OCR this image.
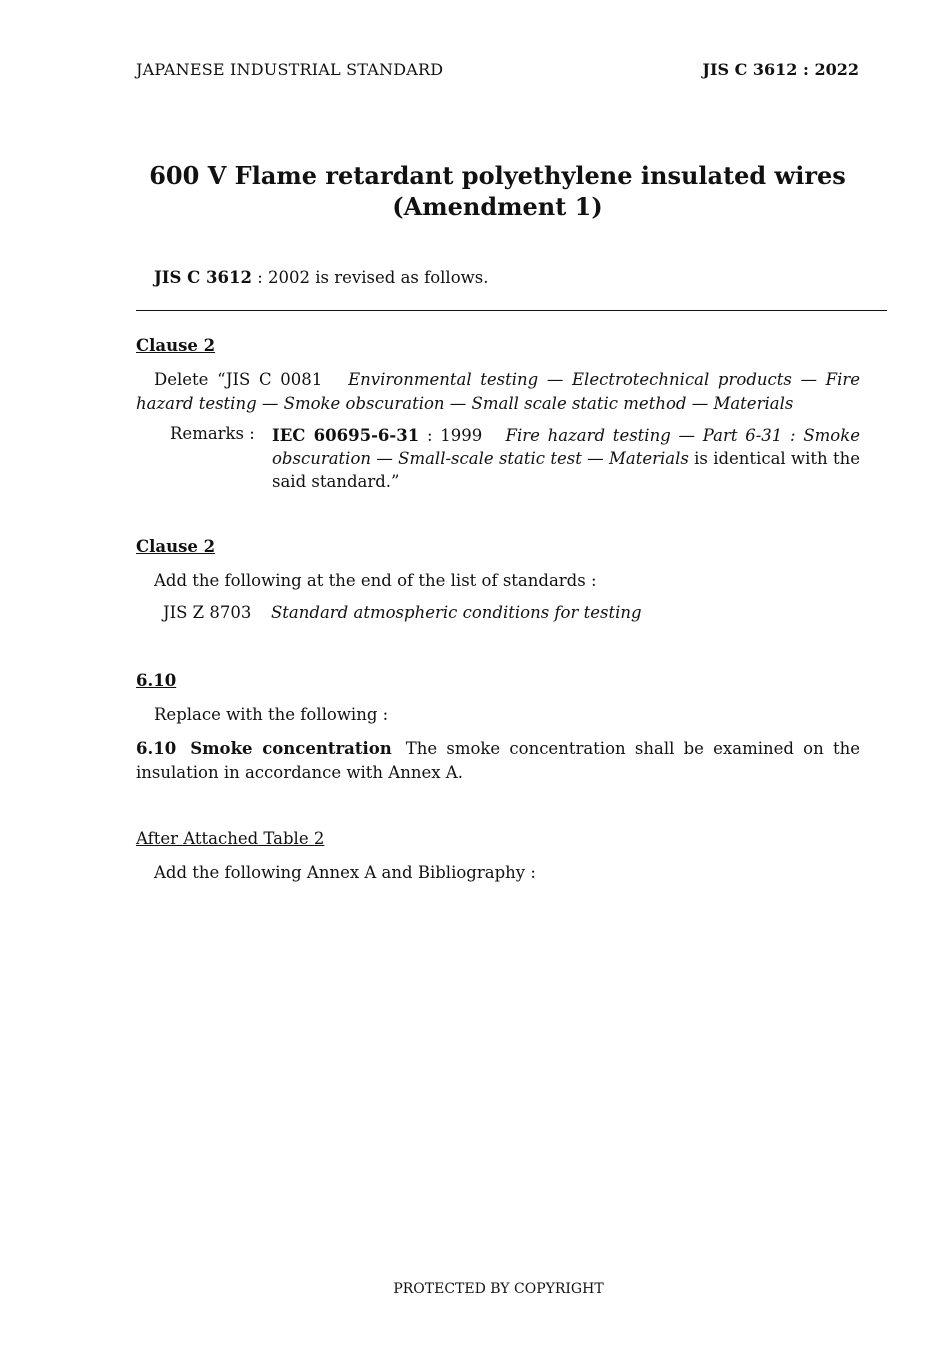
JAPANESE INDUSTRIAL STANDARD	JIS C 3612 : 2022
600 V Flame retardant polyethylene insulated wires
(Amendment 1)
JIS C 3612 : 2002 is revised as follows.
Clause 2
Delete “JIS C 0081   Environmental testing — Electrotechnical products — Fire hazard testing — Smoke obscuration — Small scale static method — Materials
Remarks : IEC 60695-6-31 : 1999   Fire hazard testing — Part 6-31 : Smoke obscuration — Small-scale static test — Materials is identical with the said standard.”
Clause 2
Add the following at the end of the list of standards :
JIS Z 8703 Standard atmospheric conditions for testing
6.10
Replace with the following :
6.10 Smoke concentration The smoke concentration shall be examined on the insulation in accordance with Annex A.
After Attached Table 2
Add the following Annex A and Bibliography :
PROTECTED BY COPYRIGHT
